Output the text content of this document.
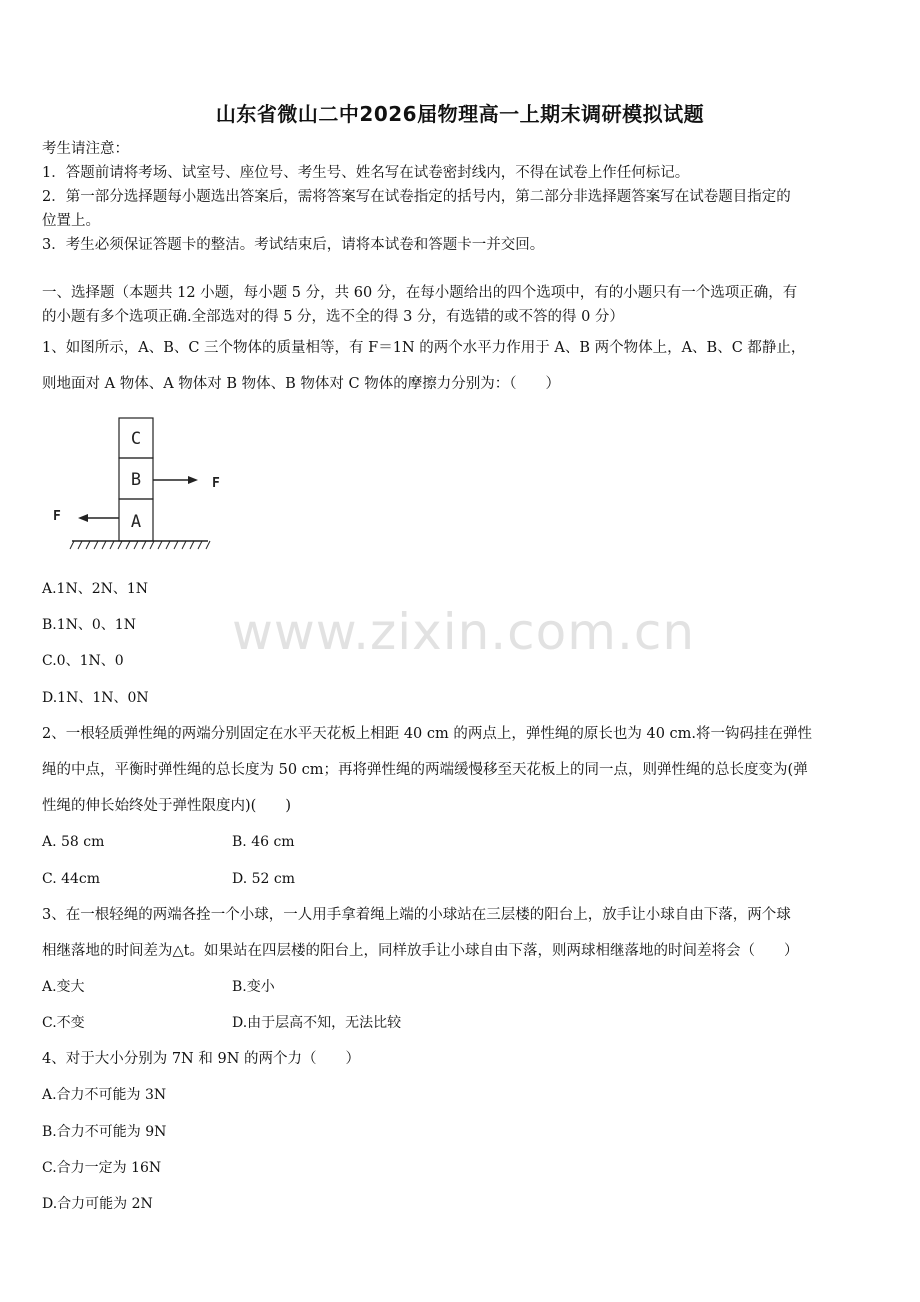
www.zixin.com.cn
山东省微山二中2026届物理高一上期末调研模拟试题
考生请注意：
1．答题前请将考场、试室号、座位号、考生号、姓名写在试卷密封线内，不得在试卷上作任何标记。
2．第一部分选择题每小题选出答案后，需将答案写在试卷指定的括号内，第二部分非选择题答案写在试卷题目指定的
位置上。
3．考生必须保证答题卡的整洁。考试结束后，请将本试卷和答题卡一并交回。
一、选择题（本题共 12 小题，每小题 5 分，共 60 分，在每小题给出的四个选项中，有的小题只有一个选项正确，有
的小题有多个选项正确.全部选对的得 5 分，选不全的得 3 分，有选错的或不答的得 0 分）
1、如图所示，A、B、C 三个物体的质量相等，有 F＝1N 的两个水平力作用于 A、B 两个物体上，A、B、C 都静止，
则地面对 A 物体、A 物体对 B 物体、B 物体对 C 物体的摩擦力分别为：（　　）
C
B
A
F
F
A.1N、2N、1N
B.1N、0、1N
C.0、1N、0
D.1N、1N、0N
2、一根轻质弹性绳的两端分别固定在水平天花板上相距 40 cm 的两点上，弹性绳的原长也为 40 cm.将一钩码挂在弹性
绳的中点，平衡时弹性绳的总长度为 50 cm；再将弹性绳的两端缓慢移至天花板上的同一点，则弹性绳的总长度变为(弹
性绳的伸长始终处于弹性限度内)(　　)
A. 58 cm	B. 46 cm
C. 44cm	D. 52 cm
3、在一根轻绳的两端各拴一个小球，一人用手拿着绳上端的小球站在三层楼的阳台上，放手让小球自由下落，两个球
相继落地的时间差为△t。如果站在四层楼的阳台上，同样放手让小球自由下落，则两球相继落地的时间差将会（　　）
A.变大	B.变小
C.不变	D.由于层高不知，无法比较
4、对于大小分别为 7N 和 9N 的两个力（　　）
A.合力不可能为 3N
B.合力不可能为 9N
C.合力一定为 16N
D.合力可能为 2N
